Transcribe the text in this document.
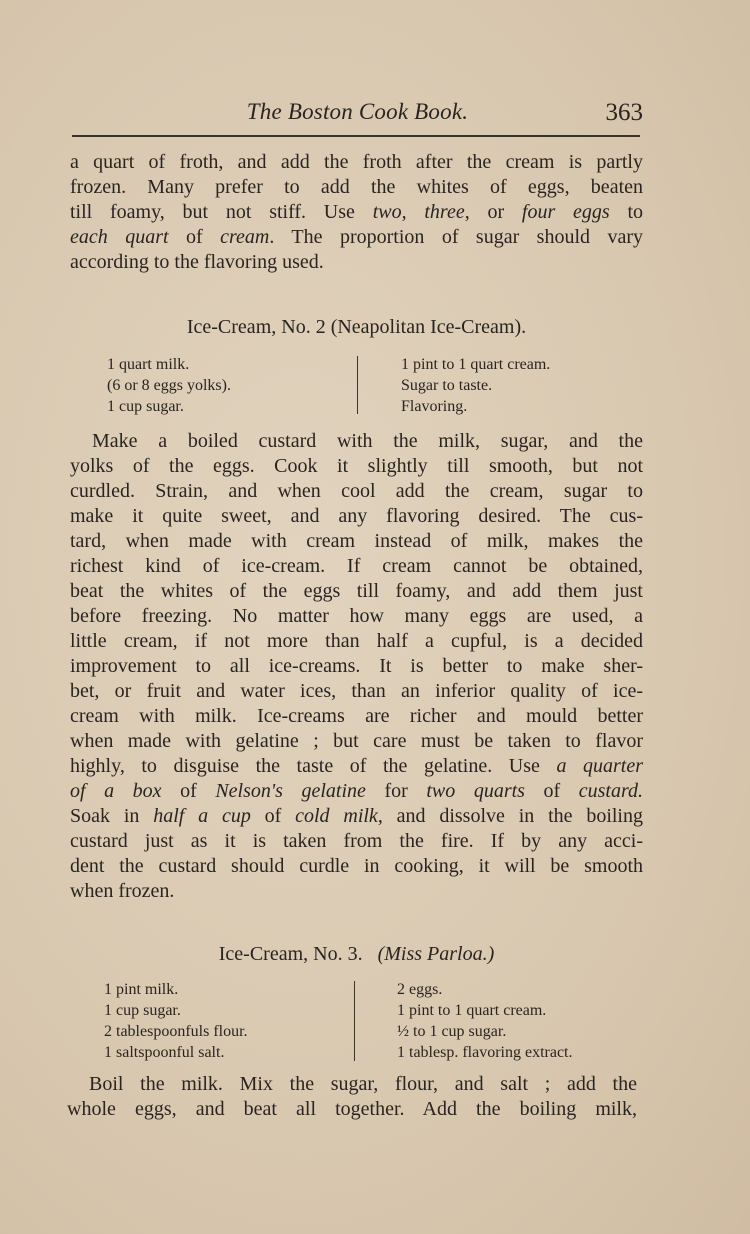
The Boston Cook Book.	363

a quart of froth, and add the froth after the cream is partly
frozen. Many prefer to add the whites of eggs, beaten
till foamy, but not stiff. Use two, three, or four eggs to
each quart of cream. The proportion of sugar should vary
according to the flavoring used.

Ice-Cream, No. 2 (Neapolitan Ice-Cream).
1 quart milk.
(6 or 8 eggs yolks).
1 cup sugar.
1 pint to 1 quart cream.
Sugar to taste.
Flavoring.

Make a boiled custard with the milk, sugar, and the
yolks of the eggs. Cook it slightly till smooth, but not
curdled. Strain, and when cool add the cream, sugar to
make it quite sweet, and any flavoring desired. The cus-
tard, when made with cream instead of milk, makes the
richest kind of ice-cream. If cream cannot be obtained,
beat the whites of the eggs till foamy, and add them just
before freezing. No matter how many eggs are used, a
little cream, if not more than half a cupful, is a decided
improvement to all ice-creams. It is better to make sher-
bet, or fruit and water ices, than an inferior quality of ice-
cream with milk. Ice-creams are richer and mould better
when made with gelatine ; but care must be taken to flavor
highly, to disguise the taste of the gelatine. Use a quarter
of a box of Nelson's gelatine for two quarts of custard.
Soak in half a cup of cold milk, and dissolve in the boiling
custard just as it is taken from the fire. If by any acci-
dent the custard should curdle in cooking, it will be smooth
when frozen.

Ice-Cream, No. 3. (Miss Parloa.)
1 pint milk.
1 cup sugar.
2 tablespoonfuls flour.
1 saltspoonful salt.
2 eggs.
1 pint to 1 quart cream.
½ to 1 cup sugar.
1 tablesp. flavoring extract.

Boil the milk. Mix the sugar, flour, and salt ; add the
whole eggs, and beat all together. Add the boiling milk,
